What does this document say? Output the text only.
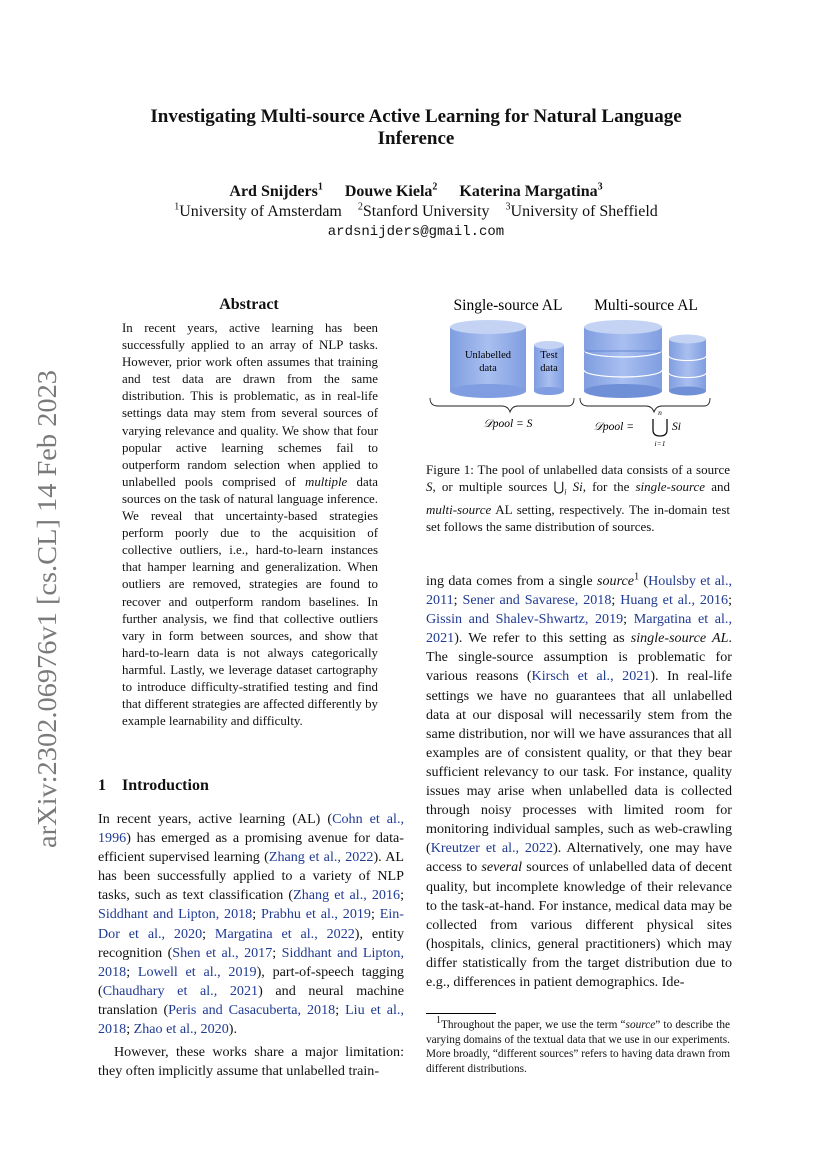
arXiv:2302.06976v1 [cs.CL] 14 Feb 2023
Investigating Multi-source Active Learning for Natural Language Inference
Ard Snijders$^1$ Douwe Kiela$^2$ Katerina Margatina$^3$
$^1$University of Amsterdam $^2$Stanford University $^3$University of Sheffield
ardsnijders@gmail.com
Abstract
In recent years, active learning has been successfully applied to an array of NLP tasks. However, prior work often assumes that training and test data are drawn from the same distribution. This is problematic, as in real-life settings data may stem from several sources of varying relevance and quality. We show that four popular active learning schemes fail to outperform random selection when applied to unlabelled pools comprised of multiple data sources on the task of natural language inference. We reveal that uncertainty-based strategies perform poorly due to the acquisition of collective outliers, i.e., hard-to-learn instances that hamper learning and generalization. When outliers are removed, strategies are found to recover and outperform random baselines. In further analysis, we find that collective outliers vary in form between sources, and show that hard-to-learn data is not always categorically harmful. Lastly, we leverage dataset cartography to introduce difficulty-stratified testing and find that different strategies are affected differently by example learnability and difficulty.
1 Introduction

In recent years, active learning (AL) (Cohn et al., 1996) has emerged as a promising avenue for data-efficient supervised learning (Zhang et al., 2022). AL has been successfully applied to a variety of NLP tasks, such as text classification (Zhang et al., 2016; Siddhant and Lipton, 2018; Prabhu et al., 2019; Ein-Dor et al., 2020; Margatina et al., 2022), entity recognition (Shen et al., 2017; Siddhant and Lipton, 2018; Lowell et al., 2019), part-of-speech tagging (Chaudhary et al., 2021) and neural machine translation (Peris and Casacuberta, 2018; Liu et al., 2018; Zhao et al., 2020).

However, these works share a major limitation: they often implicitly assume that unlabelled train-

Single-source AL Multi-source AL
Unlabelled
data
Test
data
𝒟pool = S	𝒟pool =
n
i=1
Si
Figure 1: The pool of unlabelled data consists of a source S, or multiple sources $⋃_i$ Si, for the single-source and multi-source AL setting, respectively. The in-domain test set follows the same distribution of sources.
ing data comes from a single source$^1$ (Houlsby et al., 2011; Sener and Savarese, 2018; Huang et al., 2016; Gissin and Shalev-Shwartz, 2019; Margatina et al., 2021). We refer to this setting as single-source AL. The single-source assumption is problematic for various reasons (Kirsch et al., 2021). In real-life settings we have no guarantees that all unlabelled data at our disposal will necessarily stem from the same distribution, nor will we have assurances that all examples are of consistent quality, or that they bear sufficient relevancy to our task. For instance, quality issues may arise when unlabelled data is collected through noisy processes with limited room for monitoring individual samples, such as web-crawling (Kreutzer et al., 2022). Alternatively, one may have access to several sources of unlabelled data of decent quality, but incomplete knowledge of their relevance to the task-at-hand. For instance, medical data may be collected from various different physical sites (hospitals, clinics, general practitioners) which may differ statistically from the target distribution due to e.g., differences in patient demographics. Ide-
$^1$Throughout the paper, we use the term “source” to describe the varying domains of the textual data that we use in our experiments. More broadly, “different sources” refers to having data drawn from different distributions.
